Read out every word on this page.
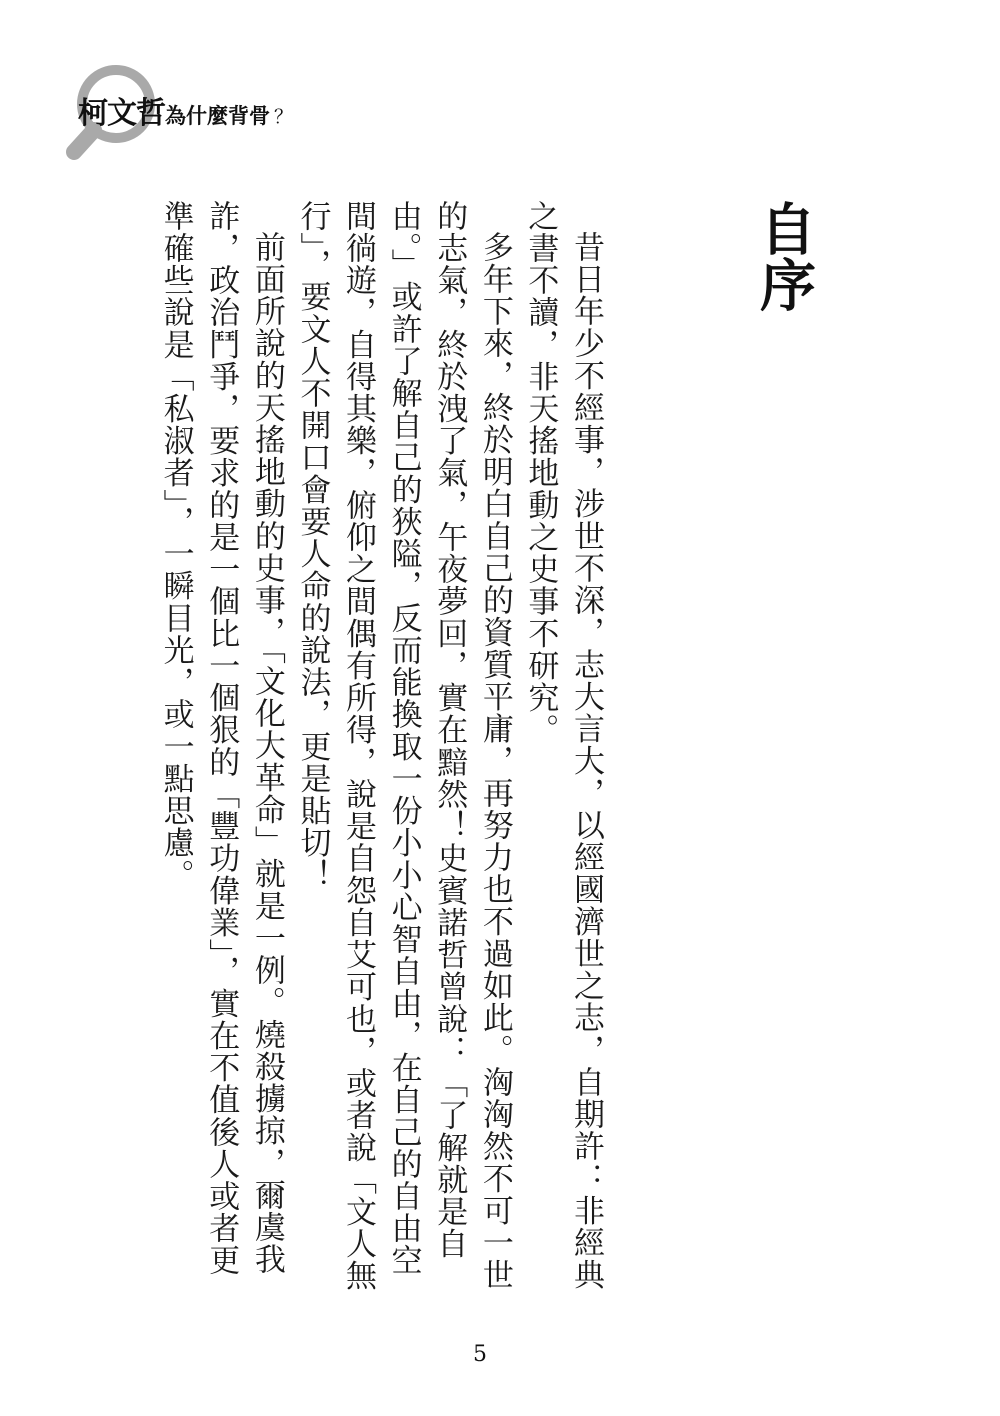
柯文哲為什麼背骨 ？
自序

昔日年少不經事，涉世不深，志大言大，以經國濟世之志，自期許：非經典之書不讀，非天搖地動之史事不研究。

多年下來，終於明白自己的資質平庸，再努力也不過如此。洶洶然不可一世的志氣，終於洩了氣，午夜夢回，實在黯然！史賓諾哲曾說：「了解就是自由。」或許了解自己的狹隘，反而能換取一份小小心智自由，在自己的自由空間徜遊，自得其樂，俯仰之間偶有所得，說是自怨自艾可也，或者說「文人無行」，要文人不開口會要人命的說法，更是貼切！

前面所說的天搖地動的史事，「文化大革命」就是一例。燒殺擄掠，爾虞我詐，政治鬥爭，要求的是一個比一個狠的「豐功偉業」，實在不值後人或者更準確些說是「私淑者」，一瞬目光，或一點思慮。

5
